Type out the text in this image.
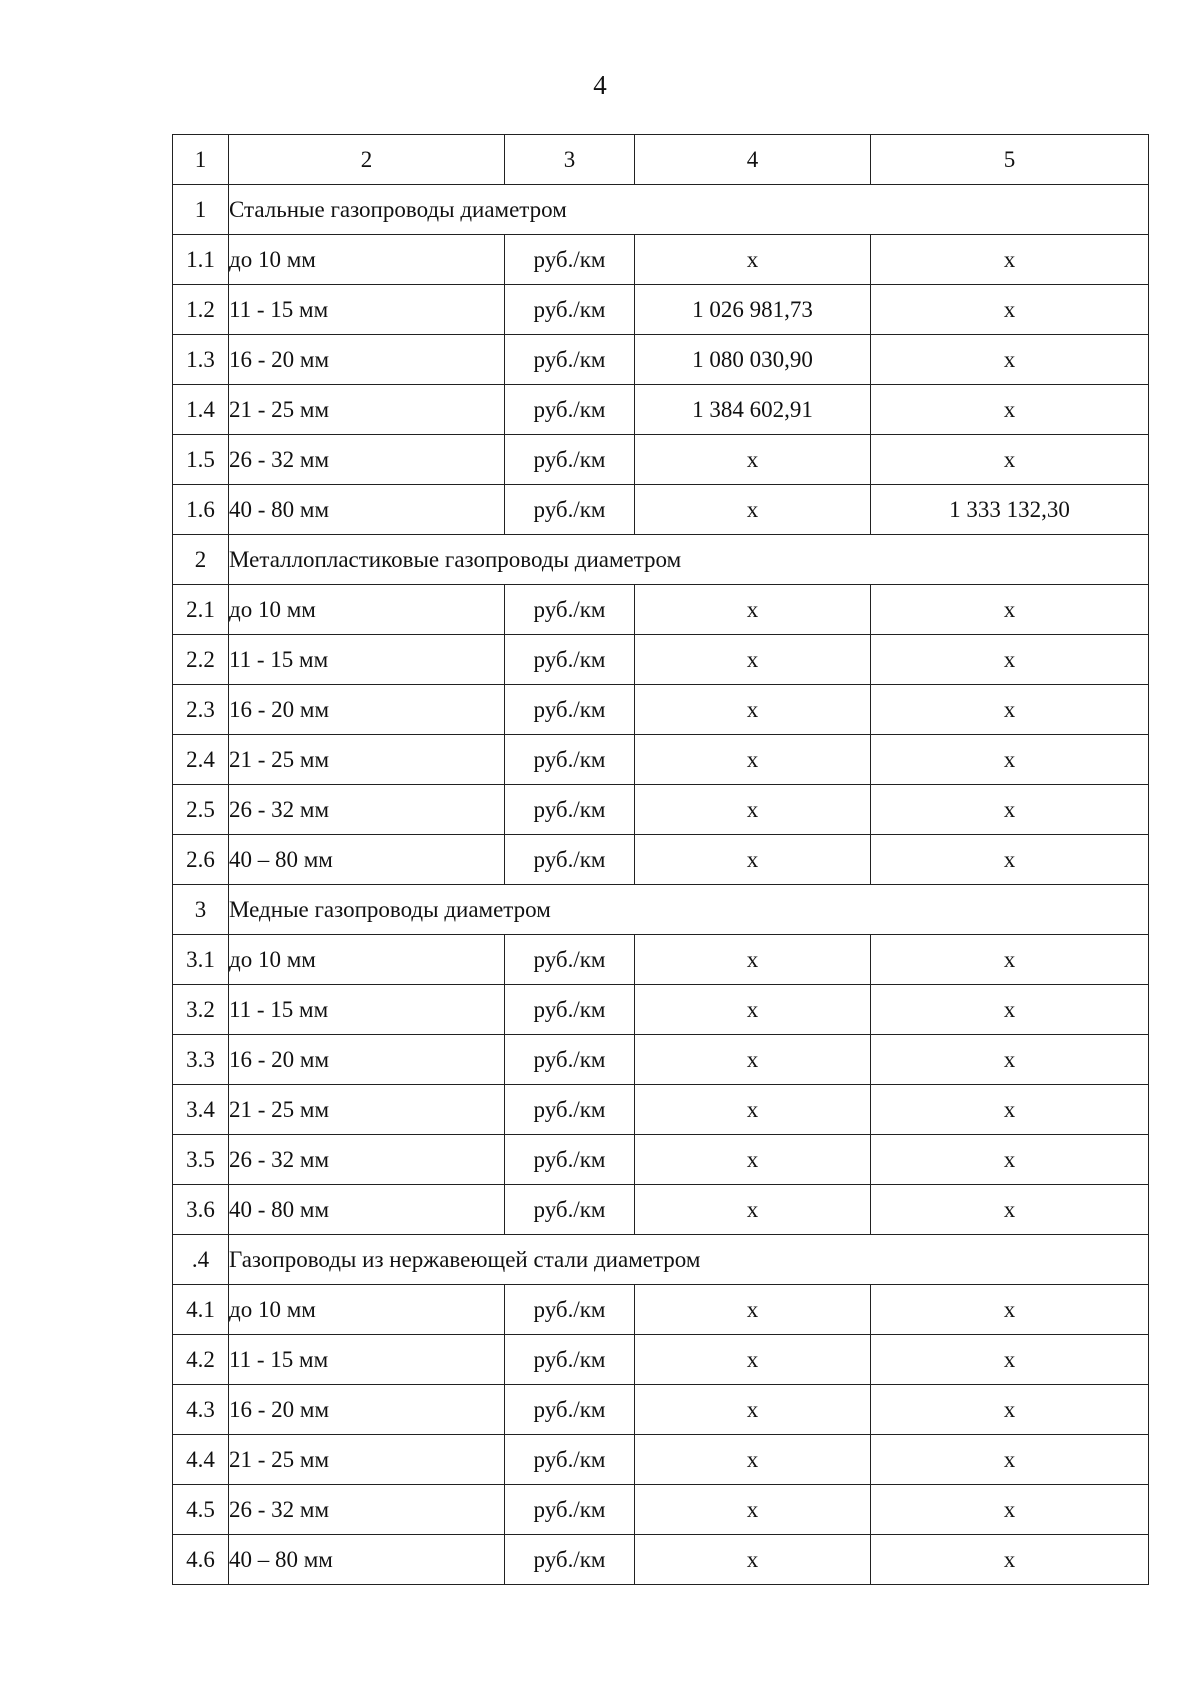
4
1	2	3	4	5
1	Стальные газопроводы диаметром			
1.1	до 10 мм	руб./км	х	х
1.2	11 - 15 мм	руб./км	1 026 981,73	х
1.3	16 - 20 мм	руб./км	1 080 030,90	х
1.4	21 - 25 мм	руб./км	1 384 602,91	х
1.5	26 - 32 мм	руб./км	х	х
1.6	40 - 80 мм	руб./км	х	1 333 132,30
2	Металлопластиковые газопроводы диаметром			
2.1	до 10 мм	руб./км	х	х
2.2	11 - 15 мм	руб./км	х	х
2.3	16 - 20 мм	руб./км	х	х
2.4	21 - 25 мм	руб./км	х	х
2.5	26 - 32 мм	руб./км	х	х
2.6	40 – 80 мм	руб./км	х	х
3	Медные газопроводы диаметром			
3.1	до 10 мм	руб./км	х	х
3.2	11 - 15 мм	руб./км	х	х
3.3	16 - 20 мм	руб./км	х	х
3.4	21 - 25 мм	руб./км	х	х
3.5	26 - 32 мм	руб./км	х	х
3.6	40 - 80 мм	руб./км	х	х
.4	Газопроводы из нержавеющей стали диаметром			
4.1	до 10 мм	руб./км	х	х
4.2	11 - 15 мм	руб./км	х	х
4.3	16 - 20 мм	руб./км	х	х
4.4	21 - 25 мм	руб./км	х	х
4.5	26 - 32 мм	руб./км	х	х
4.6	40 – 80 мм	руб./км	х	х
